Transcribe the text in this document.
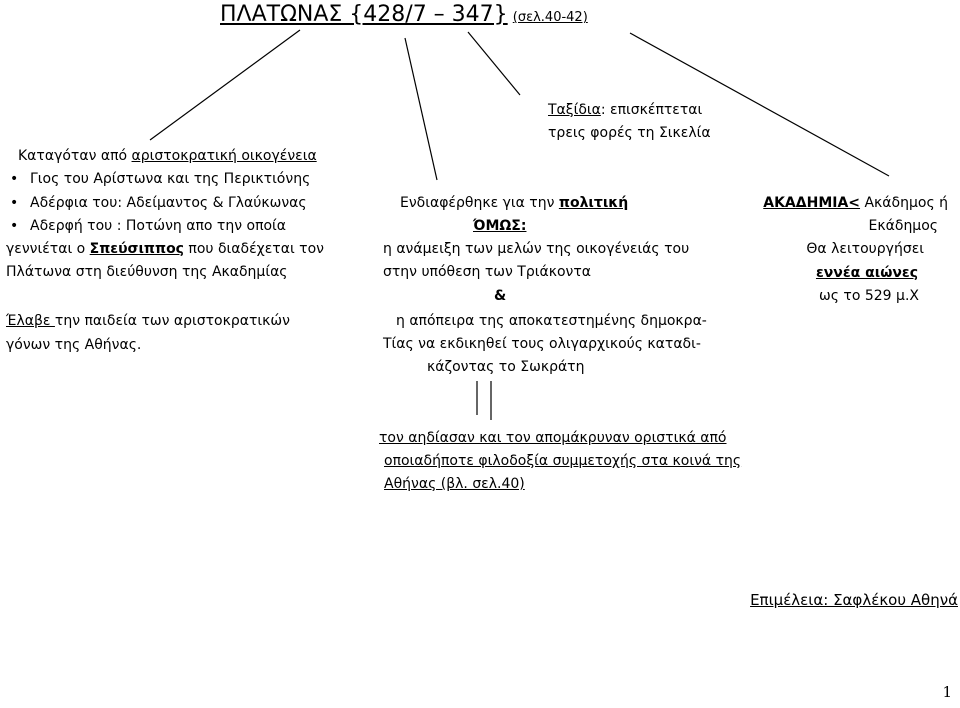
ΠΛΑΤΩΝΑΣ {428/7 – 347} (σελ.40-42)
Καταγόταν από αριστοκρατική οικογένεια
• Γιος του Αρίστωνα και της Περικτιόνης
• Αδέρφια του: Αδείμαντος & Γλαύκωνας
• Αδερφή του : Ποτώνη απο την οποία
γεννιέται ο Σπεύσιππος που διαδέχεται τον
Πλάτωνα στη διεύθυνση της Ακαδημίας
Έλαβε την παιδεία των αριστοκρατικών
γόνων της Αθήνας.
Ταξίδια: επισκέπτεται
τρεις φορές τη Σικελία
Ενδιαφέρθηκε για την πολιτική
ΌΜΩΣ:
η ανάμειξη των μελών της οικογένειάς του
στην υπόθεση των Τριάκοντα
&
η απόπειρα της αποκατεστημένης δημοκρα-
Τίας να εκδικηθεί τους ολιγαρχικούς καταδι-
κάζοντας το Σωκράτη
ΑΚΑΔΗΜΙΑ< Ακάδημος ή
Εκάδημος
Θα λειτουργήσει
εννέα αιώνες
ως το 529 μ.Χ
τον αηδίασαν και τον απομάκρυναν οριστικά από
οποιαδήποτε φιλοδοξία συμμετοχής στα κοινά της
Αθήνας (βλ. σελ.40)
Επιμέλεια: Σαφλέκου Αθηνά
1
